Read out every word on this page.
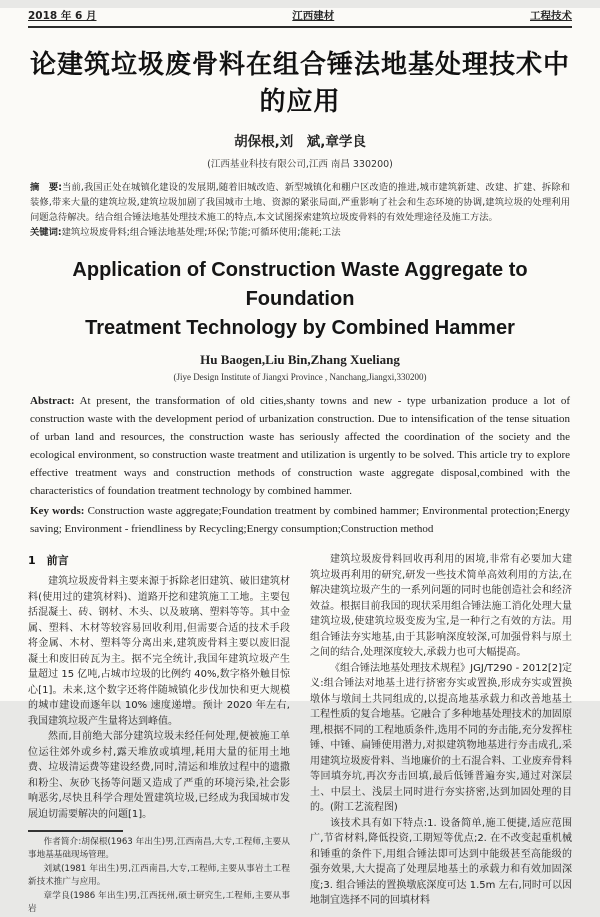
2018 年 6 月	江西建材	工程技术
论建筑垃圾废骨料在组合锤法地基处理技术中的应用
胡保根,刘　斌,章学良
(江西基业科技有限公司,江西 南昌 330200)
摘　要:当前,我国正处在城镇化建设的发展期,随着旧城改造、新型城镇化和棚户区改造的推进,城市建筑新建、改建、扩建、拆除和装修,带来大量的建筑垃圾,建筑垃圾加剧了我国城市土地、资源的紧张局面,严重影响了社会和生态环境的协调,建筑垃圾的处理利用问题急待解决。结合组合锤法地基处理技术施工的特点,本文试图探索建筑垃圾废骨料的有效处理途径及施工方法。
关键词:建筑垃圾废骨料;组合锤法地基处理;环保;节能;可循环使用;能耗;工法
Application of Construction Waste Aggregate to Foundation
Treatment Technology by Combined Hammer
Hu Baogen,Liu Bin,Zhang Xueliang
(Jiye Design Institute of Jiangxi Province , Nanchang,Jiangxi,330200)
Abstract: At present, the transformation of old cities,shanty towns and new - type urbanization produce a lot of construction waste with the development period of urbanization construction. Due to intensification of the tense situation of urban land and resources, the construction waste has seriously affected the coordination of the society and the ecological environment, so construction waste treatment and utilization is urgently to be solved. This article try to explore effective treatment ways and construction methods of construction waste aggregate disposal,combined with the characteristics of foundation treatment technology by combined hammer.
Key words: Construction waste aggregate;Foundation treatment by combined hammer; Environmental protection;Energy saving; Environment - friendliness by Recycling;Energy consumption;Construction method
1　前言

建筑垃圾废骨料主要来源于拆除老旧建筑、破旧建筑材料(使用过的建筑材料)、道路开挖和建筑施工工地。主要包括混凝土、砖、钢材、木头、以及玻璃、塑料等等。其中金属、塑料、木材等较容易回收利用,但需要合适的技术手段将金属、木材、塑料等分离出来,建筑废骨料主要以废旧混凝土和废旧砖瓦为主。据不完全统计,我国年建筑垃圾产生量超过 15 亿吨,占城市垃圾的比例约 40%,数字格外触目惊心[1]。未来,这个数字还将伴随城镇化步伐加快和更大规模的城市建设而逐年以 10% 速度递增。预计 2020 年左右,我国建筑垃圾产生量将达到峰值。

然而,目前绝大部分建筑垃圾未经任何处理,便被施工单位运往郊外或乡村,露天堆放或填埋,耗用大量的征用土地费、垃圾清运费等建设经费,同时,清运和堆放过程中的遗撒和粉尘、灰砂飞扬等问题又造成了严重的环境污染,社会影响恶劣,尽快且科学合理处置建筑垃圾,已经成为我国城市发展迫切需要解决的问题[1]。

作者简介:胡保根(1963 年出生)男,江西南昌,大专,工程师,主要从事地基基础现场管理。

刘斌(1981 年出生)男,江西南昌,大专,工程师,主要从事岩土工程新技术推广与应用。

章学良(1986 年出生)男,江西抚州,硕士研究生,工程师,主要从事岩

建筑垃圾废骨料回收再利用的困境,非常有必要加大建筑垃圾再利用的研究,研发一些技术简单高效利用的方法,在解决建筑垃圾产生的一系列问题的同时也能创造社会和经济效益。根据目前我国的现状采用组合锤法施工消化处理大量建筑垃圾,使建筑垃圾变废为宝,是一种行之有效的方法。用组合锤法夯实地基,由于其影响深度较深,可加强骨料与原土之间的结合,处理深度较大,承载力也可大幅提高。

《组合锤法地基处理技术规程》JGJ/T290 - 2012[2]定义:组合锤法对地基土进行挤密夯实或置换,形成夯实或置换墩体与墩间土共同组成的,以提高地基承载力和改善地基土工程性质的复合地基。它融合了多种地基处理技术的加固原理,根据不同的工程地质条件,选用不同的夯击能,充分发挥柱锤、中锤、扁锤使用潜力,对拟建筑物地基进行夯击成孔,采用建筑垃圾废骨料、当地廉价的土石混合料、工业废弃骨料等回填夯坑,再次夯击回填,最后低锤普遍夯实,通过对深层土、中层土、浅层土同时进行夯实挤密,达到加固处理的目的。(附工艺流程图)

该技术具有如下特点:1. 设备简单,施工便捷,适应范围广,节省材料,降低投资,工期短等优点;2. 在不改变起重机械和锤重的条件下,用组合锤法即可达到中能级甚至高能级的强夯效果,大大提高了处理层地基土的承载力和有效加固深度;3. 组合锤法的置换墩底深度可达 1.5m 左右,同时可以因地制宜选择不同的回填材料
